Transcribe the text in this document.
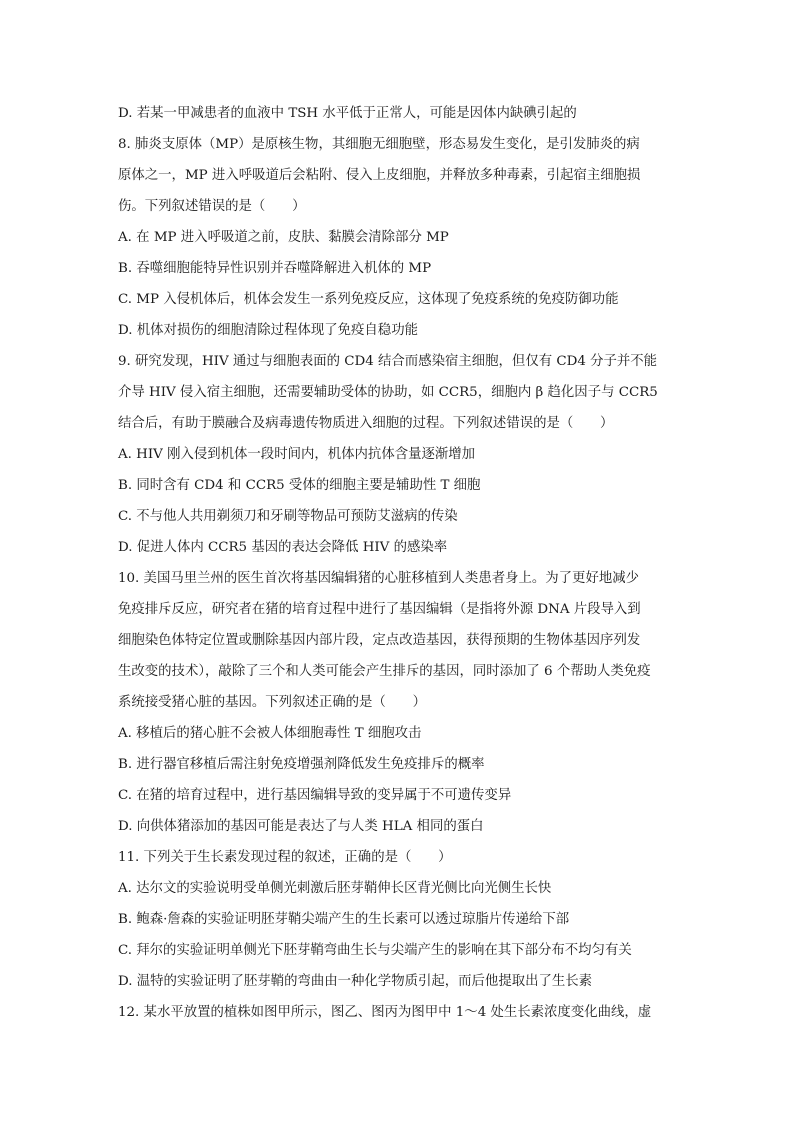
D. 若某一甲减患者的血液中 TSH 水平低于正常人，可能是因体内缺碘引起的
8. 肺炎支原体（MP）是原核生物，其细胞无细胞壁，形态易发生变化，是引发肺炎的病
原体之一，MP 进入呼吸道后会粘附、侵入上皮细胞，并释放多种毒素，引起宿主细胞损
伤。下列叙述错误的是（　　）
A. 在 MP 进入呼吸道之前，皮肤、黏膜会清除部分 MP
B. 吞噬细胞能特异性识别并吞噬降解进入机体的 MP
C. MP 入侵机体后，机体会发生一系列免疫反应，这体现了免疫系统的免疫防御功能
D. 机体对损伤的细胞清除过程体现了免疫自稳功能
9. 研究发现，HIV 通过与细胞表面的 CD4 结合而感染宿主细胞，但仅有 CD4 分子并不能
介导 HIV 侵入宿主细胞，还需要辅助受体的协助，如 CCR5，细胞内 β 趋化因子与 CCR5
结合后，有助于膜融合及病毒遗传物质进入细胞的过程。下列叙述错误的是（　　）
A. HIV 刚入侵到机体一段时间内，机体内抗体含量逐渐增加
B. 同时含有 CD4 和 CCR5 受体的细胞主要是辅助性 T 细胞
C. 不与他人共用剃须刀和牙刷等物品可预防艾滋病的传染
D. 促进人体内 CCR5 基因的表达会降低 HIV 的感染率
10. 美国马里兰州的医生首次将基因编辑猪的心脏移植到人类患者身上。为了更好地减少
免疫排斥反应，研究者在猪的培育过程中进行了基因编辑（是指将外源 DNA 片段导入到
细胞染色体特定位置或删除基因内部片段，定点改造基因，获得预期的生物体基因序列发
生改变的技术），敲除了三个和人类可能会产生排斥的基因，同时添加了 6 个帮助人类免疫
系统接受猪心脏的基因。下列叙述正确的是（　　）
A. 移植后的猪心脏不会被人体细胞毒性 T 细胞攻击
B. 进行器官移植后需注射免疫增强剂降低发生免疫排斥的概率
C. 在猪的培育过程中，进行基因编辑导致的变异属于不可遗传变异
D. 向供体猪添加的基因可能是表达了与人类 HLA 相同的蛋白
11. 下列关于生长素发现过程的叙述，正确的是（　　）
A. 达尔文的实验说明受单侧光刺激后胚芽鞘伸长区背光侧比向光侧生长快
B. 鲍森·詹森的实验证明胚芽鞘尖端产生的生长素可以透过琼脂片传递给下部
C. 拜尔的实验证明单侧光下胚芽鞘弯曲生长与尖端产生的影响在其下部分布不均匀有关
D. 温特的实验证明了胚芽鞘的弯曲由一种化学物质引起，而后他提取出了生长素
12. 某水平放置的植株如图甲所示，图乙、图丙为图甲中 1～4 处生长素浓度变化曲线，虚
